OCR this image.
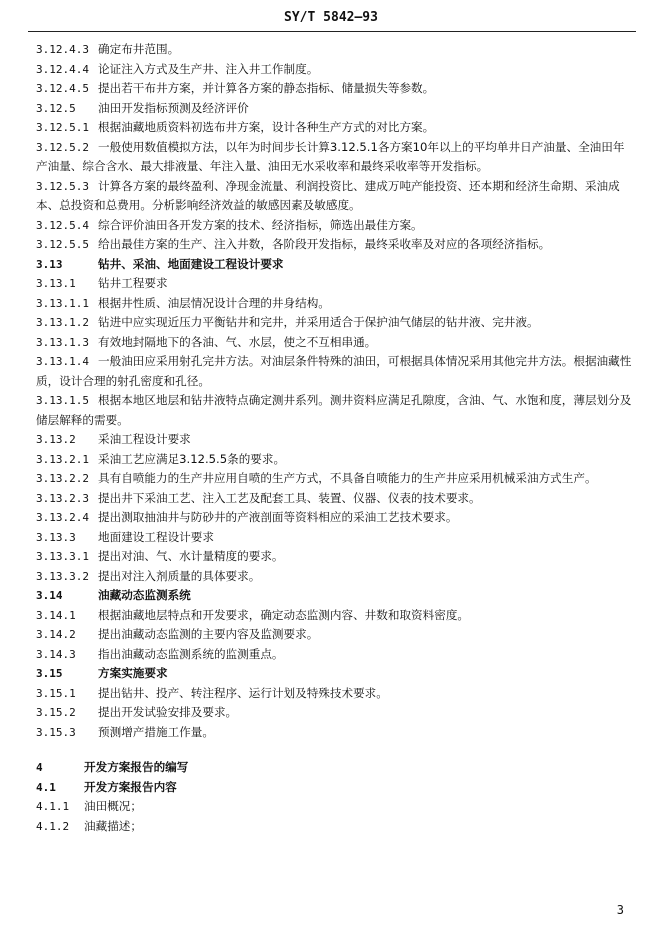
SY/T 5842—93
3.12.4.3 确定布井范围。
3.12.4.4 论证注入方式及生产井、注入井工作制度。
3.12.4.5 提出若干布井方案，并计算各方案的静态指标、储量损失等参数。
3.12.5 油田开发指标预测及经济评价
3.12.5.1 根据油藏地质资料初选布井方案，设计各种生产方式的对比方案。
3.12.5.2 一般使用数值模拟方法，以年为时间步长计算3.12.5.1各方案10年以上的平均单井日产油量、全油田年产油量、综合含水、最大排液量、年注入量、油田无水采收率和最终采收率等开发指标。
3.12.5.3 计算各方案的最终盈利、净现金流量、利润投资比、建成万吨产能投资、还本期和经济生命期、采油成本、总投资和总费用。分析影响经济效益的敏感因素及敏感度。
3.12.5.4 综合评价油田各开发方案的技术、经济指标，筛选出最佳方案。
3.12.5.5 给出最佳方案的生产、注入井数，各阶段开发指标，最终采收率及对应的各项经济指标。
3.13	钻井、采油、地面建设工程设计要求
3.13.1 钻井工程要求
3.13.1.1 根据井性质、油层情况设计合理的井身结构。
3.13.1.2 钻进中应实现近压力平衡钻井和完井，并采用适合于保护油气储层的钻井液、完井液。
3.13.1.3 有效地封隔地下的各油、气、水层，使之不互相串通。
3.13.1.4 一般油田应采用射孔完井方法。对油层条件特殊的油田，可根据具体情况采用其他完井方法。根据油藏性质，设计合理的射孔密度和孔径。
3.13.1.5 根据本地区地层和钻井液特点确定测井系列。测井资料应满足孔隙度，含油、气、水饱和度，薄层划分及储层解释的需要。
3.13.2 采油工程设计要求
3.13.2.1 采油工艺应满足3.12.5.5条的要求。
3.13.2.2 具有自喷能力的生产井应用自喷的生产方式，不具备自喷能力的生产井应采用机械采油方式生产。
3.13.2.3 提出井下采油工艺、注入工艺及配套工具、装置、仪器、仪表的技术要求。
3.13.2.4 提出测取抽油井与防砂井的产液剖面等资料相应的采油工艺技术要求。
3.13.3 地面建设工程设计要求
3.13.3.1 提出对油、气、水计量精度的要求。
3.13.3.2 提出对注入剂质量的具体要求。
3.14	油藏动态监测系统
3.14.1 根据油藏地层特点和开发要求，确定动态监测内容、井数和取资料密度。
3.14.2 提出油藏动态监测的主要内容及监测要求。
3.14.3 指出油藏动态监测系统的监测重点。
3.15	方案实施要求
3.15.1 提出钻井、投产、转注程序、运行计划及特殊技术要求。
3.15.2 提出开发试验安排及要求。
3.15.3 预测增产措施工作量。
4	开发方案报告的编写
4.1 开发方案报告内容
4.1.1 油田概况；
4.1.2 油藏描述；
3
